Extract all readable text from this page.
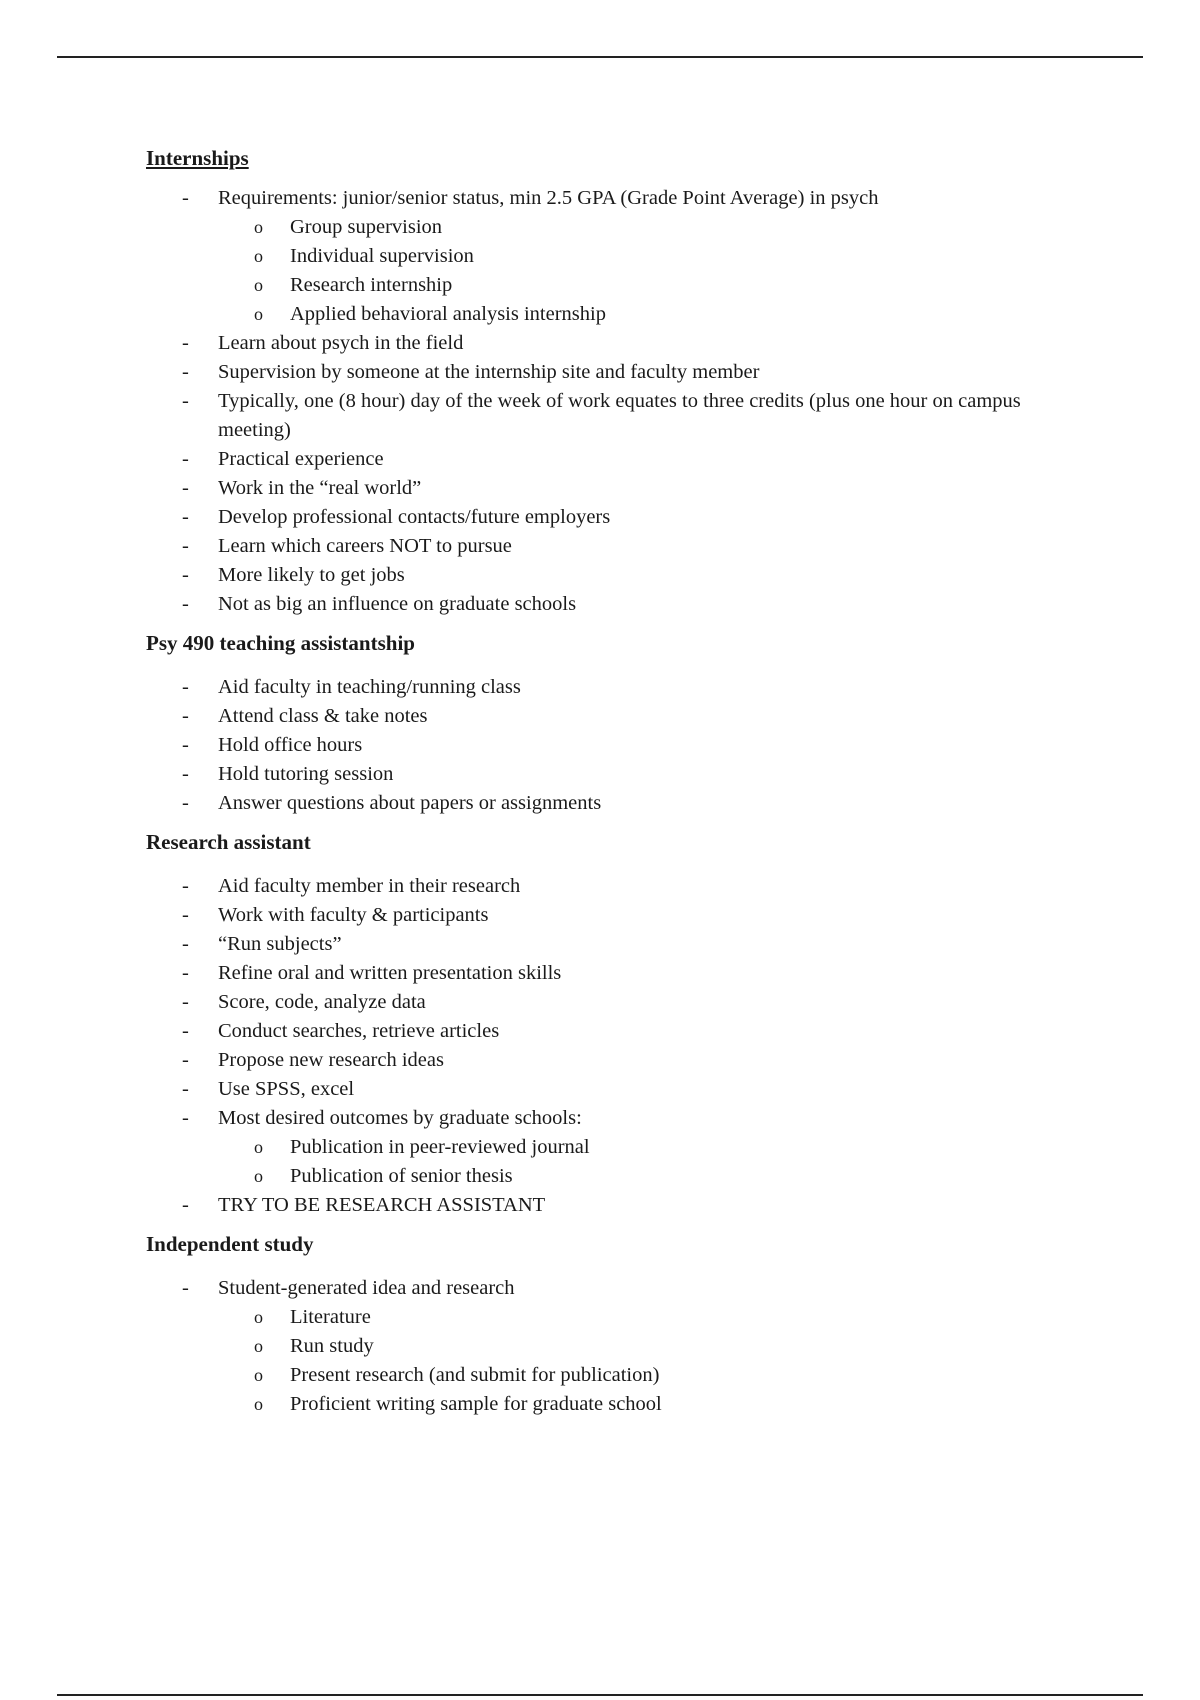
Internships
- Requirements: junior/senior status, min 2.5 GPA (Grade Point Average) in psych
o Group supervision
o Individual supervision
o Research internship
o Applied behavioral analysis internship
- Learn about psych in the field
- Supervision by someone at the internship site and faculty member
- Typically, one (8 hour) day of the week of work equates to three credits (plus one hour on campus meeting)
- Practical experience
- Work in the “real world”
- Develop professional contacts/future employers
- Learn which careers NOT to pursue
- More likely to get jobs
- Not as big an influence on graduate schools
Psy 490 teaching assistantship
- Aid faculty in teaching/running class
- Attend class & take notes
- Hold office hours
- Hold tutoring session
- Answer questions about papers or assignments
Research assistant
- Aid faculty member in their research
- Work with faculty & participants
- “Run subjects”
- Refine oral and written presentation skills
- Score, code, analyze data
- Conduct searches, retrieve articles
- Propose new research ideas
- Use SPSS, excel
- Most desired outcomes by graduate schools:
o Publication in peer-reviewed journal
o Publication of senior thesis
- TRY TO BE RESEARCH ASSISTANT
Independent study
- Student-generated idea and research
o Literature
o Run study
o Present research (and submit for publication)
o Proficient writing sample for graduate school
